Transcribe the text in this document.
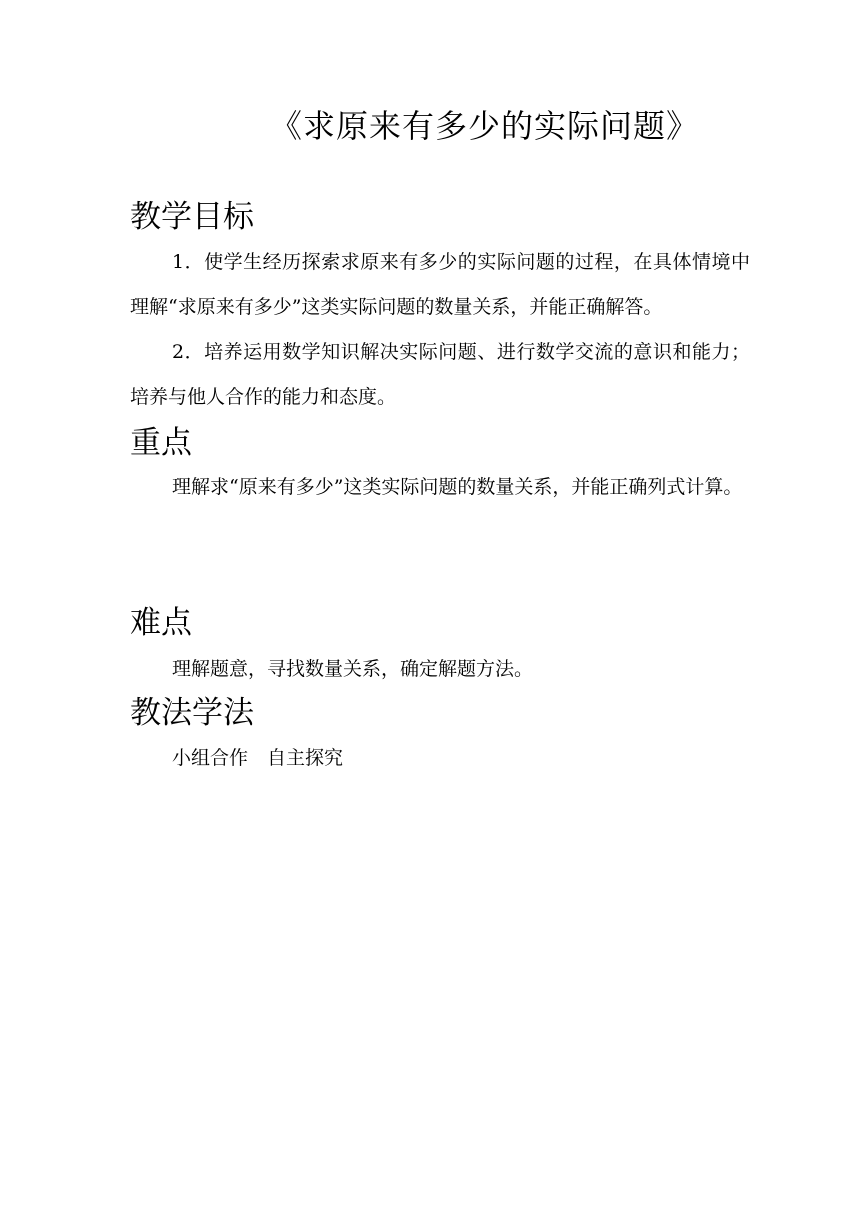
《求原来有多少的实际问题》
教学目标
1．使学生经历探索求原来有多少的实际问题的过程，在具体情境中理解“求原来有多少”这类实际问题的数量关系，并能正确解答。
2．培养运用数学知识解决实际问题、进行数学交流的意识和能力；培养与他人合作的能力和态度。
重点
理解求“原来有多少”这类实际问题的数量关系，并能正确列式计算。
难点
理解题意，寻找数量关系，确定解题方法。
教法学法
小组合作　自主探究
